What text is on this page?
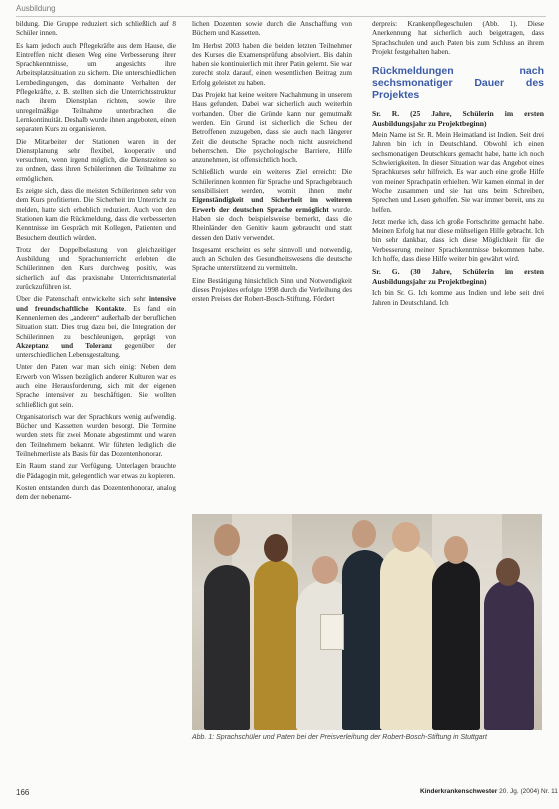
Ausbildung

bildung. Die Gruppe reduziert sich schließlich auf 8 Schüler innen.

Es kam jedoch auch Pflegekräfte aus dem Hause, die Eintreffen nicht diesen Weg eine Verbesserung ihrer Sprachkenntnisse, um angesichts ihre Arbeitsplatzsituation zu sichern. Die unterschiedlichen Lernbedingungen, das dominante Verhalten der Pflegekräfte, z. B. stellten sich die Unterrichtsstruktur nach ihrem Dienstplan richten, sowie ihre unregelmäßige Teilnahme unterbrachen die Lernkontinuität. Deshalb wurde ihnen angeboten, einen separaten Kurs zu organisieren.

Die Mitarbeiter der Stationen waren in der Dienstplanung sehr flexibel, kooperativ und versuchten, wenn irgend möglich, die Dienstzeiten so zu ordnen, dass ihren Schülerinnen die Teilnahme zu ermöglichen.

Es zeigte sich, dass die meisten Schülerinnen sehr von dem Kurs profitierten. Die Sicherheit im Unterricht zu melden, hatte sich erheblich reduziert. Auch von den Stationen kam die Rückmeldung, dass die verbesserten Kenntnisse im Gespräch mit Kollegen, Patienten und Besuchern deutlich würden.

Trotz der Doppelbelastung von gleichzeitiger Ausbildung und Sprachunterricht erlebten die Schülerinnen den Kurs durchweg positiv, was sicherlich auf das praxisnahe Unterrichtsmaterial zurückzuführen ist.

Über die Patenschaft entwickelte sich sehr intensive und freundschaftliche Kontakte. Es fand ein Kennenlernen des „anderen“ außerhalb der beruflichen Situation statt. Dies trug dazu bei, die Integration der Schülerinnen zu beschleunigen, geprägt von Akzeptanz und Toleranz gegenüber der unterschiedlichen Lebensgestaltung.

Unter den Paten war man sich einig: Neben dem Erwerb von Wissen bezüglich anderer Kulturen war es auch eine Herausforderung, sich mit der eigenen Sprache intensiver zu beschäftigen. Sie wollten schließlich gut sein.

Organisatorisch war der Sprachkurs wenig aufwendig. Bücher und Kassetten wurden besorgt. Die Termine wurden stets für zwei Monate abgestimmt und waren den Teilnehmern bekannt. Wir führten lediglich die Teilnehmerliste als Basis für das Dozentenhonorar.

Ein Raum stand zur Verfügung. Unterlagen brauchte die Pädagogin mit, gelegentlich war etwas zu kopieren.

Kosten entstanden durch das Dozentenhonorar, analog dem der nebenamt-

lichen Dozenten sowie durch die Anschaffung von Büchern und Kassetten.

Im Herbst 2003 haben die beiden letzten Teilnehmer des Kurses die Examensprüfung absolviert. Bis dahin haben sie kontinuierlich mit ihrer Patin gelernt. Sie war zurecht stolz darauf, einen wesentlichen Beitrag zum Erfolg geleistet zu haben.

Das Projekt hat keine weitere Nachahmung in unserem Haus gefunden. Dabei war sicherlich auch weiterhin vorhanden. Über die Gründe kann nur gemutmaßt werden. Ein Grund ist sicherlich die Scheu der Betroffenen zuzugeben, dass sie auch nach längerer Zeit die deutsche Sprache noch nicht ausreichend beherrschen. Die psychologische Barriere, Hilfe anzunehmen, ist offensichtlich hoch.

Schließlich wurde ein weiteres Ziel erreicht: Die Schülerinnen konnten für Sprache und Sprachgebrauch sensibilisiert werden, womit ihnen mehr Eigenständigkeit und Sicherheit im weiteren Erwerb der deutschen Sprache ermöglicht wurde. Haben sie doch beispielsweise bemerkt, dass die Rheinländer den Genitiv kaum gebraucht und statt dessen den Dativ verwendet.

Insgesamt erscheint es sehr sinnvoll und notwendig, auch an Schulen des Gesundheitswesens die deutsche Sprache unterstützend zu vermitteln.

Eine Bestätigung hinsichtlich Sinn und Notwendigkeit dieses Projektes erfolgte 1998 durch die Verleihung des ersten Preises der Robert-Bosch-Stiftung. Fördert

derpreis: Krankenpflegeschulen (Abb. 1). Diese Anerkennung hat sicherlich auch beigetragen, dass Sprachschulen und auch Paten bis zum Schluss an ihrem Projekt festgehalten haben.

Rückmeldungen nach sechsmonatiger Dauer des Projektes
Sr. R. (25 Jahre, Schülerin im ersten Ausbildungsjahr zu Projektbeginn)

Mein Name ist Sr. R. Mein Heimatland ist Indien. Seit drei Jahren bin ich in Deutschland. Obwohl ich einen sechsmonatigen Deutschkurs gemacht habe, hatte ich noch Schwierigkeiten. In dieser Situation war das Angebot eines Sprachkurses sehr hilfreich. Es war auch eine große Hilfe von meiner Sprachpatin erhielten. Wir kamen einmal in der Woche zusammen und sie hat uns beim Schreiben, Sprechen und Lesen geholfen. Sie war immer bereit, uns zu helfen.

Jetzt merke ich, dass ich große Fortschritte gemacht habe. Meinen Erfolg hat nur diese mühseligen Hilfe gebracht. Ich bin sehr dankbar, dass ich diese Möglichkeit für die Verbesserung meiner Sprachkenntnisse bekommen habe. Ich hoffe, dass diese Hilfe weiter bin gewährt wird.

Sr. G. (30 Jahre, Schülerin im ersten Ausbildungsjahr zu Projektbeginn)

Ich bin Sr. G. Ich komme aus Indien und lebe seit drei Jahren in Deutschland. Ich

Abb. 1: Sprachschüler und Paten bei der Preisverleihung der Robert-Bosch-Stiftung in Stuttgart
166	Kinderkrankenschwester 20. Jg. (2004) Nr. 11
